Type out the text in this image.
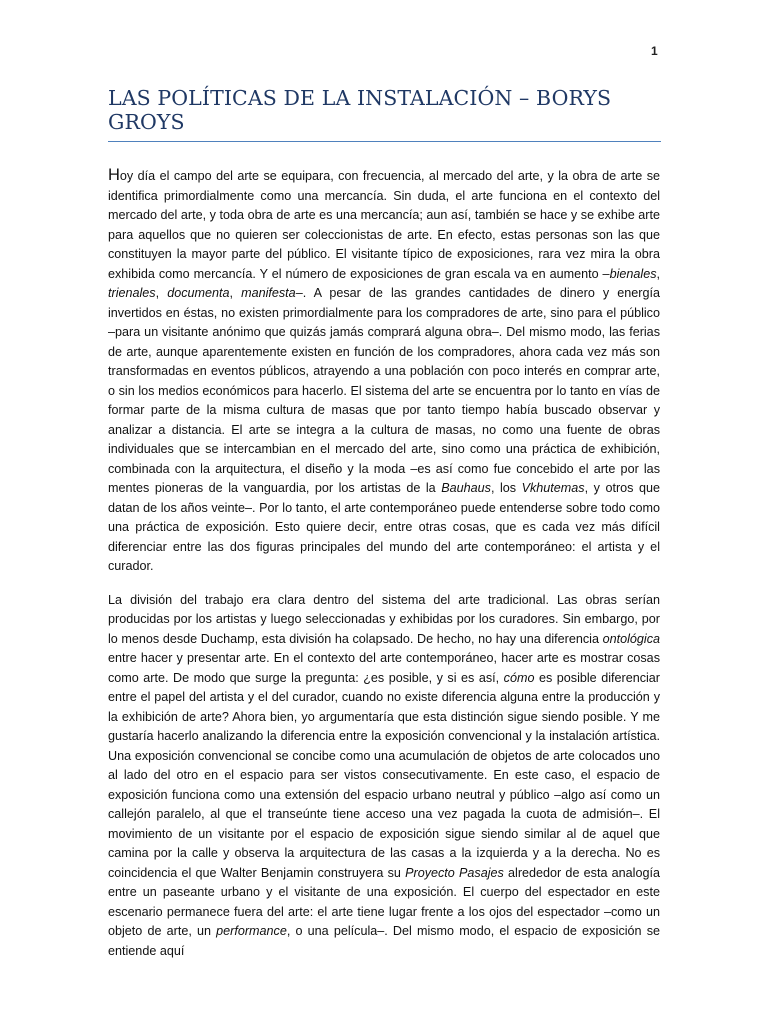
1
LAS POLÍTICAS DE LA INSTALACIÓN – BORYS GROYS

Hoy día el campo del arte se equipara, con frecuencia, al mercado del arte, y la obra de arte se identifica primordialmente como una mercancía. Sin duda, el arte funciona en el contexto del mercado del arte, y toda obra de arte es una mercancía; aun así, también se hace y se exhibe arte para aquellos que no quieren ser coleccionistas de arte. En efecto, estas personas son las que constituyen la mayor parte del público. El visitante típico de exposiciones, rara vez mira la obra exhibida como mercancía. Y el número de exposiciones de gran escala va en aumento –bienales, trienales, documenta, manifesta–. A pesar de las grandes cantidades de dinero y energía invertidos en éstas, no existen primordialmente para los compradores de arte, sino para el público –para un visitante anónimo que quizás jamás comprará alguna obra–. Del mismo modo, las ferias de arte, aunque aparentemente existen en función de los compradores, ahora cada vez más son transformadas en eventos públicos, atrayendo a una población con poco interés en comprar arte, o sin los medios económicos para hacerlo. El sistema del arte se encuentra por lo tanto en vías de formar parte de la misma cultura de masas que por tanto tiempo había buscado observar y analizar a distancia. El arte se integra a la cultura de masas, no como una fuente de obras individuales que se intercambian en el mercado del arte, sino como una práctica de exhibición, combinada con la arquitectura, el diseño y la moda –es así como fue concebido el arte por las mentes pioneras de la vanguardia, por los artistas de la Bauhaus, los Vkhutemas, y otros que datan de los años veinte–. Por lo tanto, el arte contemporáneo puede entenderse sobre todo como una práctica de exposición. Esto quiere decir, entre otras cosas, que es cada vez más difícil diferenciar entre las dos figuras principales del mundo del arte contemporáneo: el artista y el curador.

La división del trabajo era clara dentro del sistema del arte tradicional. Las obras serían producidas por los artistas y luego seleccionadas y exhibidas por los curadores. Sin embargo, por lo menos desde Duchamp, esta división ha colapsado. De hecho, no hay una diferencia ontológica entre hacer y presentar arte. En el contexto del arte contemporáneo, hacer arte es mostrar cosas como arte. De modo que surge la pregunta: ¿es posible, y si es así, cómo es posible diferenciar entre el papel del artista y el del curador, cuando no existe diferencia alguna entre la producción y la exhibición de arte? Ahora bien, yo argumentaría que esta distinción sigue siendo posible. Y me gustaría hacerlo analizando la diferencia entre la exposición convencional y la instalación artística. Una exposición convencional se concibe como una acumulación de objetos de arte colocados uno al lado del otro en el espacio para ser vistos consecutivamente. En este caso, el espacio de exposición funciona como una extensión del espacio urbano neutral y público –algo así como un callejón paralelo, al que el transeúnte tiene acceso una vez pagada la cuota de admisión–. El movimiento de un visitante por el espacio de exposición sigue siendo similar al de aquel que camina por la calle y observa la arquitectura de las casas a la izquierda y a la derecha. No es coincidencia el que Walter Benjamin construyera su Proyecto Pasajes alrededor de esta analogía entre un paseante urbano y el visitante de una exposición. El cuerpo del espectador en este escenario permanece fuera del arte: el arte tiene lugar frente a los ojos del espectador –como un objeto de arte, un performance, o una película–. Del mismo modo, el espacio de exposición se entiende aquí
